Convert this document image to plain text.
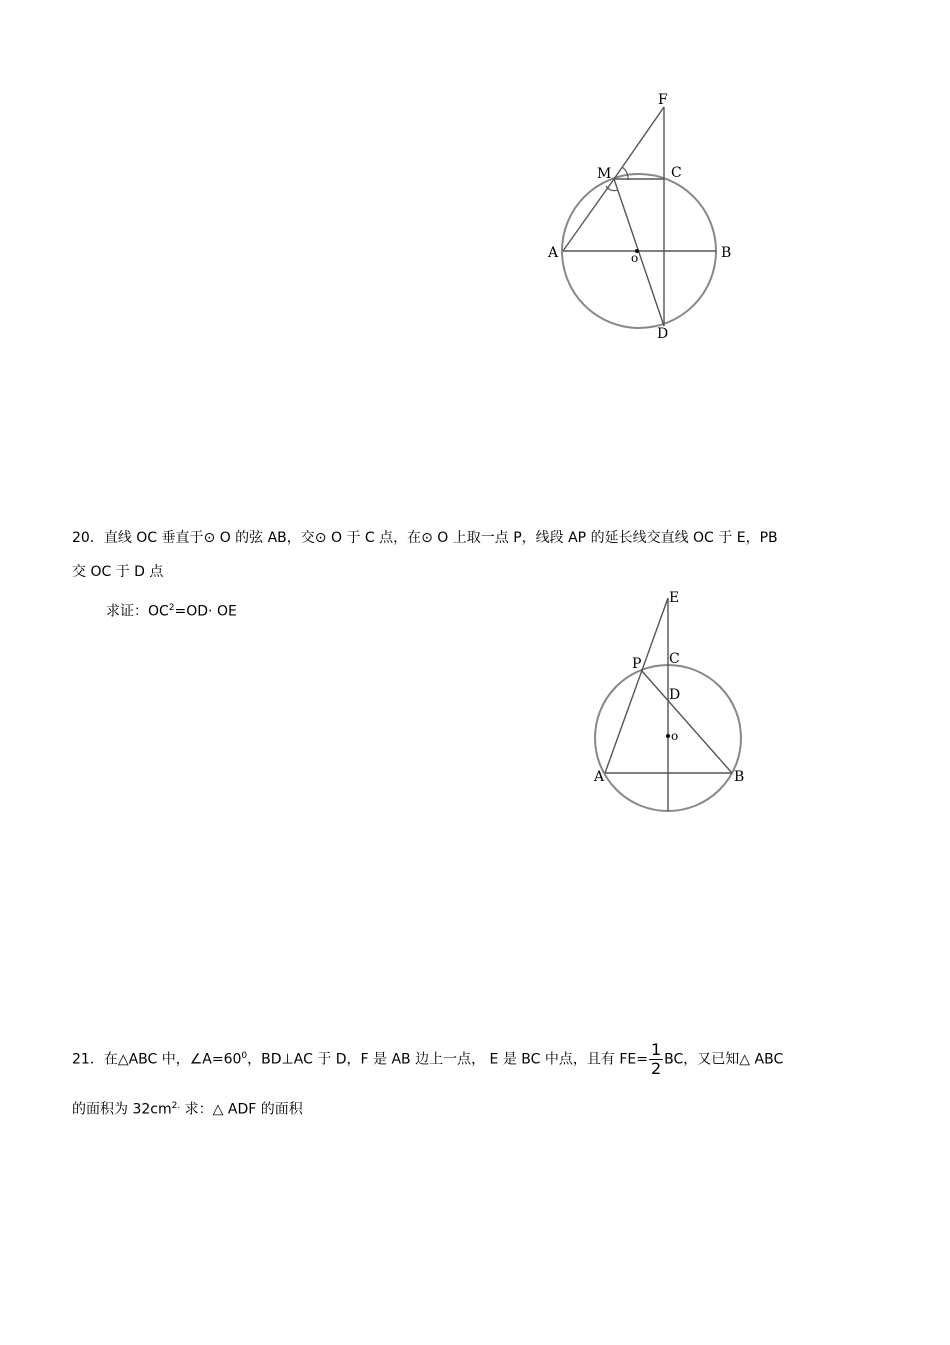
F
M	C
A	o	B
D
20．直线 OC 垂直于⊙ O 的弦 AB，交⊙ O 于 C 点，在⊙ O 上取一点 P，线段 AP 的延长线交直线 OC 于 E，PB
交 OC 于 D 点
求证：$OC^2=OD\cdot$ OE
E
P C
D
o
A	B
21．在△ABC 中，$\angle A=60^0$，BD⊥AC 于 D，F 是 AB 边上一点， E 是 BC 中点，且有 $FE= \frac{1}{2}$ BC，又已知△ ABC
的面积为 $32cm^{2.}$ 求：△ ADF 的面积
